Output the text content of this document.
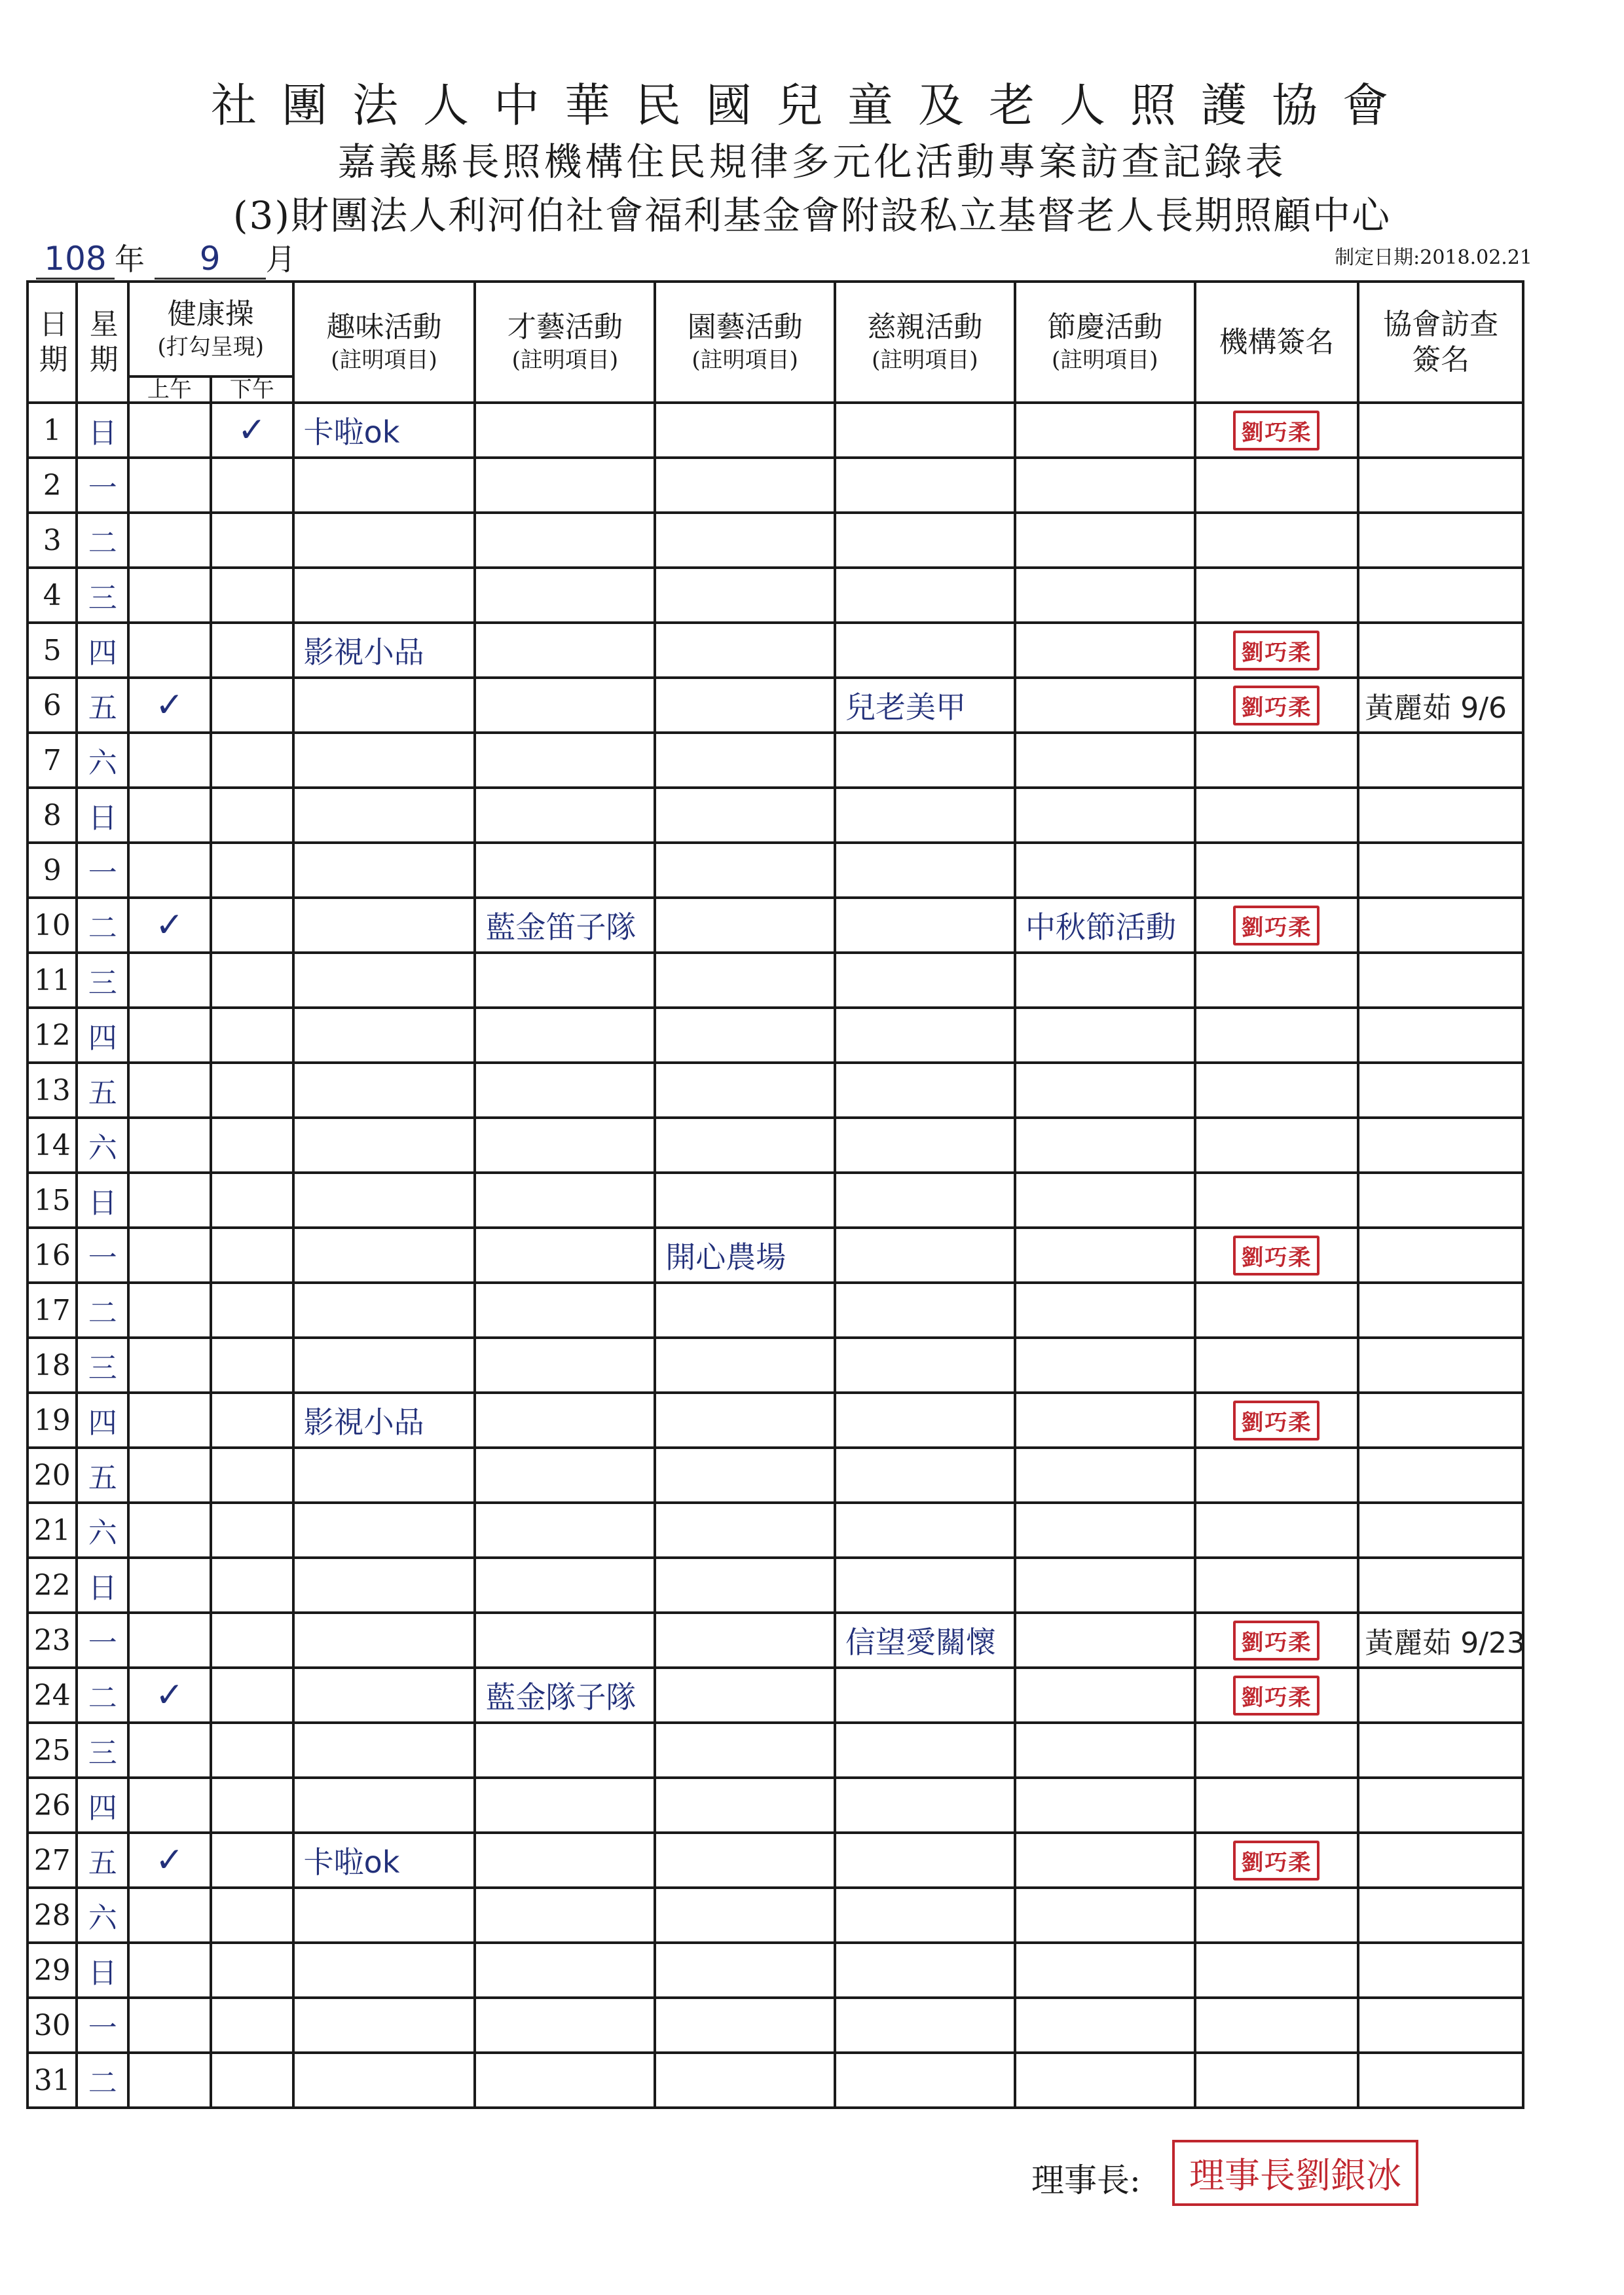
社團法人中華民國兒童及老人照護協會
嘉義縣長照機構住民規律多元化活動專案訪查記錄表
(3)財團法人利河伯社會福利基金會附設私立基督老人長期照顧中心
108 年 9 月	制定日期:2018.02.21
日期	星期	健康操
(打勾呈現)		趣味活動
(註明項目)	才藝活動
(註明項目)	園藝活動
(註明項目)	慈親活動
(註明項目)	節慶活動
(註明項目)	機構簽名	協會訪查簽名

		上午	下午							

1	日		✓	卡啦ok					劉巧柔	
2	一									
3	二									
4	三									
5	四			影視小品					劉巧柔	
6	五	✓					兒老美甲		劉巧柔	黃麗茹 9/6
7	六									
8	日									
9	一									
10	二	✓			藍金笛子隊			中秋節活動	劉巧柔	
11	三									
12	四									
13	五									
14	六									
15	日									
16	一					開心農場			劉巧柔	
17	二									
18	三									
19	四			影視小品					劉巧柔	
20	五									
21	六									
22	日									
23	一						信望愛關懷		劉巧柔	黃麗茹 9/23
24	二	✓			藍金隊子隊				劉巧柔	
25	三									
26	四									
27	五	✓		卡啦ok					劉巧柔	
28	六									
29	日									
30	一									
31	二									
理事長:	理事長劉銀冰
